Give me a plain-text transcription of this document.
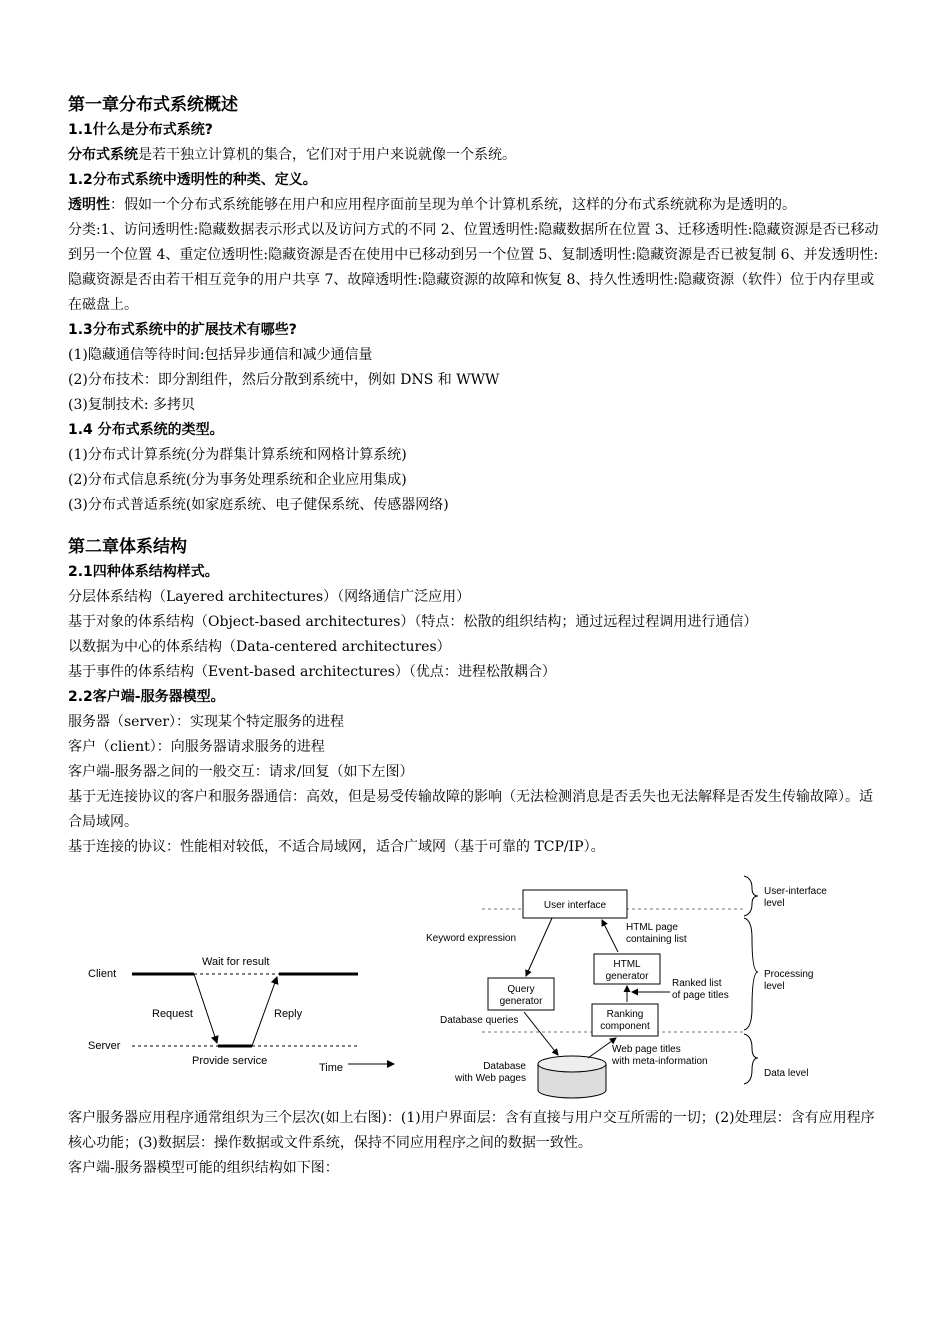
第一章分布式系统概述

1.1什么是分布式系统?

分布式系统是若干独立计算机的集合，它们对于用户来说就像一个系统。

1.2分布式系统中透明性的种类、定义。

透明性：假如一个分布式系统能够在用户和应用程序面前呈现为单个计算机系统，这样的分布式系统就称为是透明的。

分类:1、访问透明性:隐藏数据表示形式以及访问方式的不同 2、位置透明性:隐藏数据所在位置 3、迁移透明性:隐藏资源是否已移动到另一个位置 4、重定位透明性:隐藏资源是否在使用中已移动到另一个位置 5、复制透明性:隐藏资源是否已被复制 6、并发透明性:隐藏资源是否由若干相互竞争的用户共享 7、故障透明性:隐藏资源的故障和恢复 8、持久性透明性:隐藏资源（软件）位于内存里或在磁盘上。

1.3分布式系统中的扩展技术有哪些?

(1)隐藏通信等待时间:包括异步通信和减少通信量

(2)分布技术：即分割组件，然后分散到系统中，例如 DNS 和 WWW

(3)复制技术: 多拷贝

1.4 分布式系统的类型。

(1)分布式计算系统(分为群集计算系统和网格计算系统)

(2)分布式信息系统(分为事务处理系统和企业应用集成)

(3)分布式普适系统(如家庭系统、电子健保系统、传感器网络)

第二章体系结构

2.1四种体系结构样式。

分层体系结构（Layered architectures）（网络通信广泛应用）

基于对象的体系结构（Object-based architectures）（特点：松散的组织结构；通过远程过程调用进行通信）

以数据为中心的体系结构（Data-centered architectures）

基于事件的体系结构（Event-based architectures）（优点：进程松散耦合）

2.2客户端-服务器模型。

服务器（server）：实现某个特定服务的进程

客户（client）：向服务器请求服务的进程

客户端-服务器之间的一般交互：请求/回复（如下左图）

基于无连接协议的客户和服务器通信：高效，但是易受传输故障的影响（无法检测消息是否丢失也无法解释是否发生传输故障）。适合局域网。

基于连接的协议：性能相对较低，不适合局域网，适合广域网（基于可靠的 TCP/IP）。

Client
Server
Wait for result
Request	Reply
Provide service
Time
User-interface
level
Processing
level
Data level
User interface
HTML
generator
Query
generator
Ranking
component
Database
with Web pages
Keyword expression
HTML page
containing list
Ranked list
of page titles
Database queries
Web page titles
with meta-information

客户服务器应用程序通常组织为三个层次(如上右图)：(1)用户界面层：含有直接与用户交互所需的一切；(2)处理层：含有应用程序核心功能；(3)数据层：操作数据或文件系统，保持不同应用程序之间的数据一致性。

客户端-服务器模型可能的组织结构如下图：
